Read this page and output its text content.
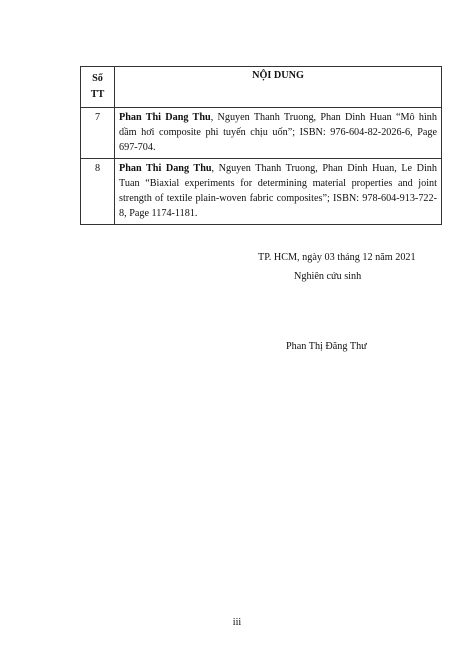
Số
TT	NỘI DUNG
7	Phan Thi Dang Thu, Nguyen Thanh Truong, Phan Dinh Huan “Mô hình dầm hơi composite phi tuyến chịu uốn”; ISBN: 976-604-82-2026-6, Page 697-704.
8	Phan Thi Dang Thu, Nguyen Thanh Truong, Phan Dinh Huan, Le Dinh Tuan “Biaxial experiments for determining material properties and joint strength of textile plain-woven fabric composites”; ISBN: 978-604-913-722-8, Page 1174-1181.
TP. HCM, ngày 03 tháng 12 năm 2021
Nghiên cứu sinh
Phan Thị Đăng Thư
iii
